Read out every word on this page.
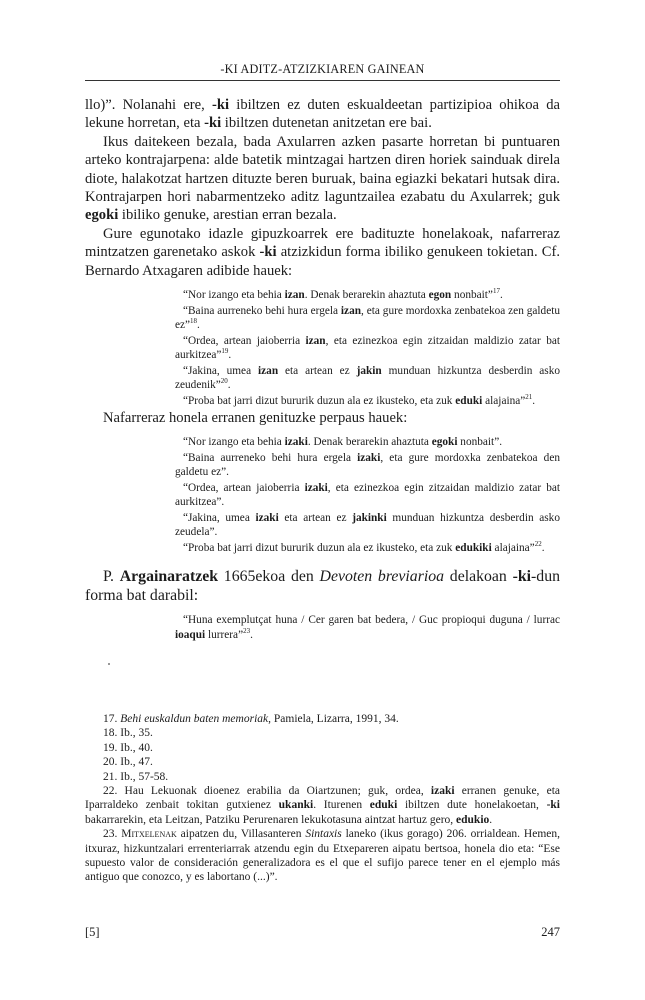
-KI ADITZ-ATZIZKIAREN GAINEAN

llo)”. Nolanahi ere, -ki ibiltzen ez duten eskualdeetan partizipioa ohikoa da lekune horretan, eta -ki ibiltzen dutenetan anitzetan ere bai.

Ikus daitekeen bezala, bada Axularren azken pasarte horretan bi puntuaren arteko kontrajarpena: alde batetik mintzagai hartzen diren horiek sainduak direla diote, halakotzat hartzen dituzte beren buruak, baina egiazki bekatari hutsak dira. Kontrajarpen hori nabarmentzeko aditz laguntzailea ezabatu du Axularrek; guk egoki ibiliko genuke, arestian erran bezala.

Gure egunotako idazle gipuzkoarrek ere badituzte honelakoak, nafarreraz mintzatzen garenetako askok -ki atzizkidun forma ibiliko genukeen tokietan. Cf. Bernardo Atxagaren adibide hauek:

“Nor izango eta behia izan. Denak berarekin ahaztuta egon nonbait”$^{17}$.

“Baina aurreneko behi hura ergela izan, eta gure mordoxka zenbatekoa zen galdetu ez”$^{18}$.

“Ordea, artean jaioberria izan, eta ezinezkoa egin zitzaidan maldizio zatar bat aurkitzea”$^{19}$.

“Jakina, umea izan eta artean ez jakin munduan hizkuntza desberdin asko zeudenik”$^{20}$.

“Proba bat jarri dizut bururik duzun ala ez ikusteko, eta zuk eduki alajaina”$^{21}$.

Nafarreraz honela erranen genituzke perpaus hauek:

“Nor izango eta behia izaki. Denak berarekin ahaztuta egoki nonbait”.

“Baina aurreneko behi hura ergela izaki, eta gure mordoxka zenbatekoa den galdetu ez”.

“Ordea, artean jaioberria izaki, eta ezinezkoa egin zitzaidan maldizio zatar bat aurkitzea”.

“Jakina, umea izaki eta artean ez jakinki munduan hizkuntza desberdin asko zeudela”.

“Proba bat jarri dizut bururik duzun ala ez ikusteko, eta zuk edukiki alajaina”$^{22}$.

P. Argainaratzek 1665ekoa den Devoten breviarioa delakoan -ki-dun forma bat darabil:

“Huna exemplutçat huna / Cer garen bat bedera, / Guc propioqui duguna / lurrac ioaqui lurrera”$^{23}$.

17. Behi euskaldun baten memoriak, Pamiela, Lizarra, 1991, 34.

18. Ib., 35.

19. Ib., 40.

20. Ib., 47.

21. Ib., 57-58.

22. Hau Lekuonak dioenez erabilia da Oiartzunen; guk, ordea, izaki erranen genuke, eta Iparraldeko zenbait tokitan gutxienez ukanki. Iturenen eduki ibiltzen dute honelakoetan, -ki bakarrarekin, eta Leitzan, Patziku Perurenaren lekukotasuna aintzat hartuz gero, edukio.

23. Mitxelenak aipatzen du, Villasanteren Sintaxis laneko (ikus gorago) 206. orrialdean. Hemen, itxuraz, hizkuntzalari errenteriarrak atzendu egin du Etxepareren aipatu bertsoa, honela dio eta: “Ese supuesto valor de consideración generalizadora es el que el sufijo parece tener en el ejemplo más antiguo que conozco, y es labortano (...)”.

[5]	247
